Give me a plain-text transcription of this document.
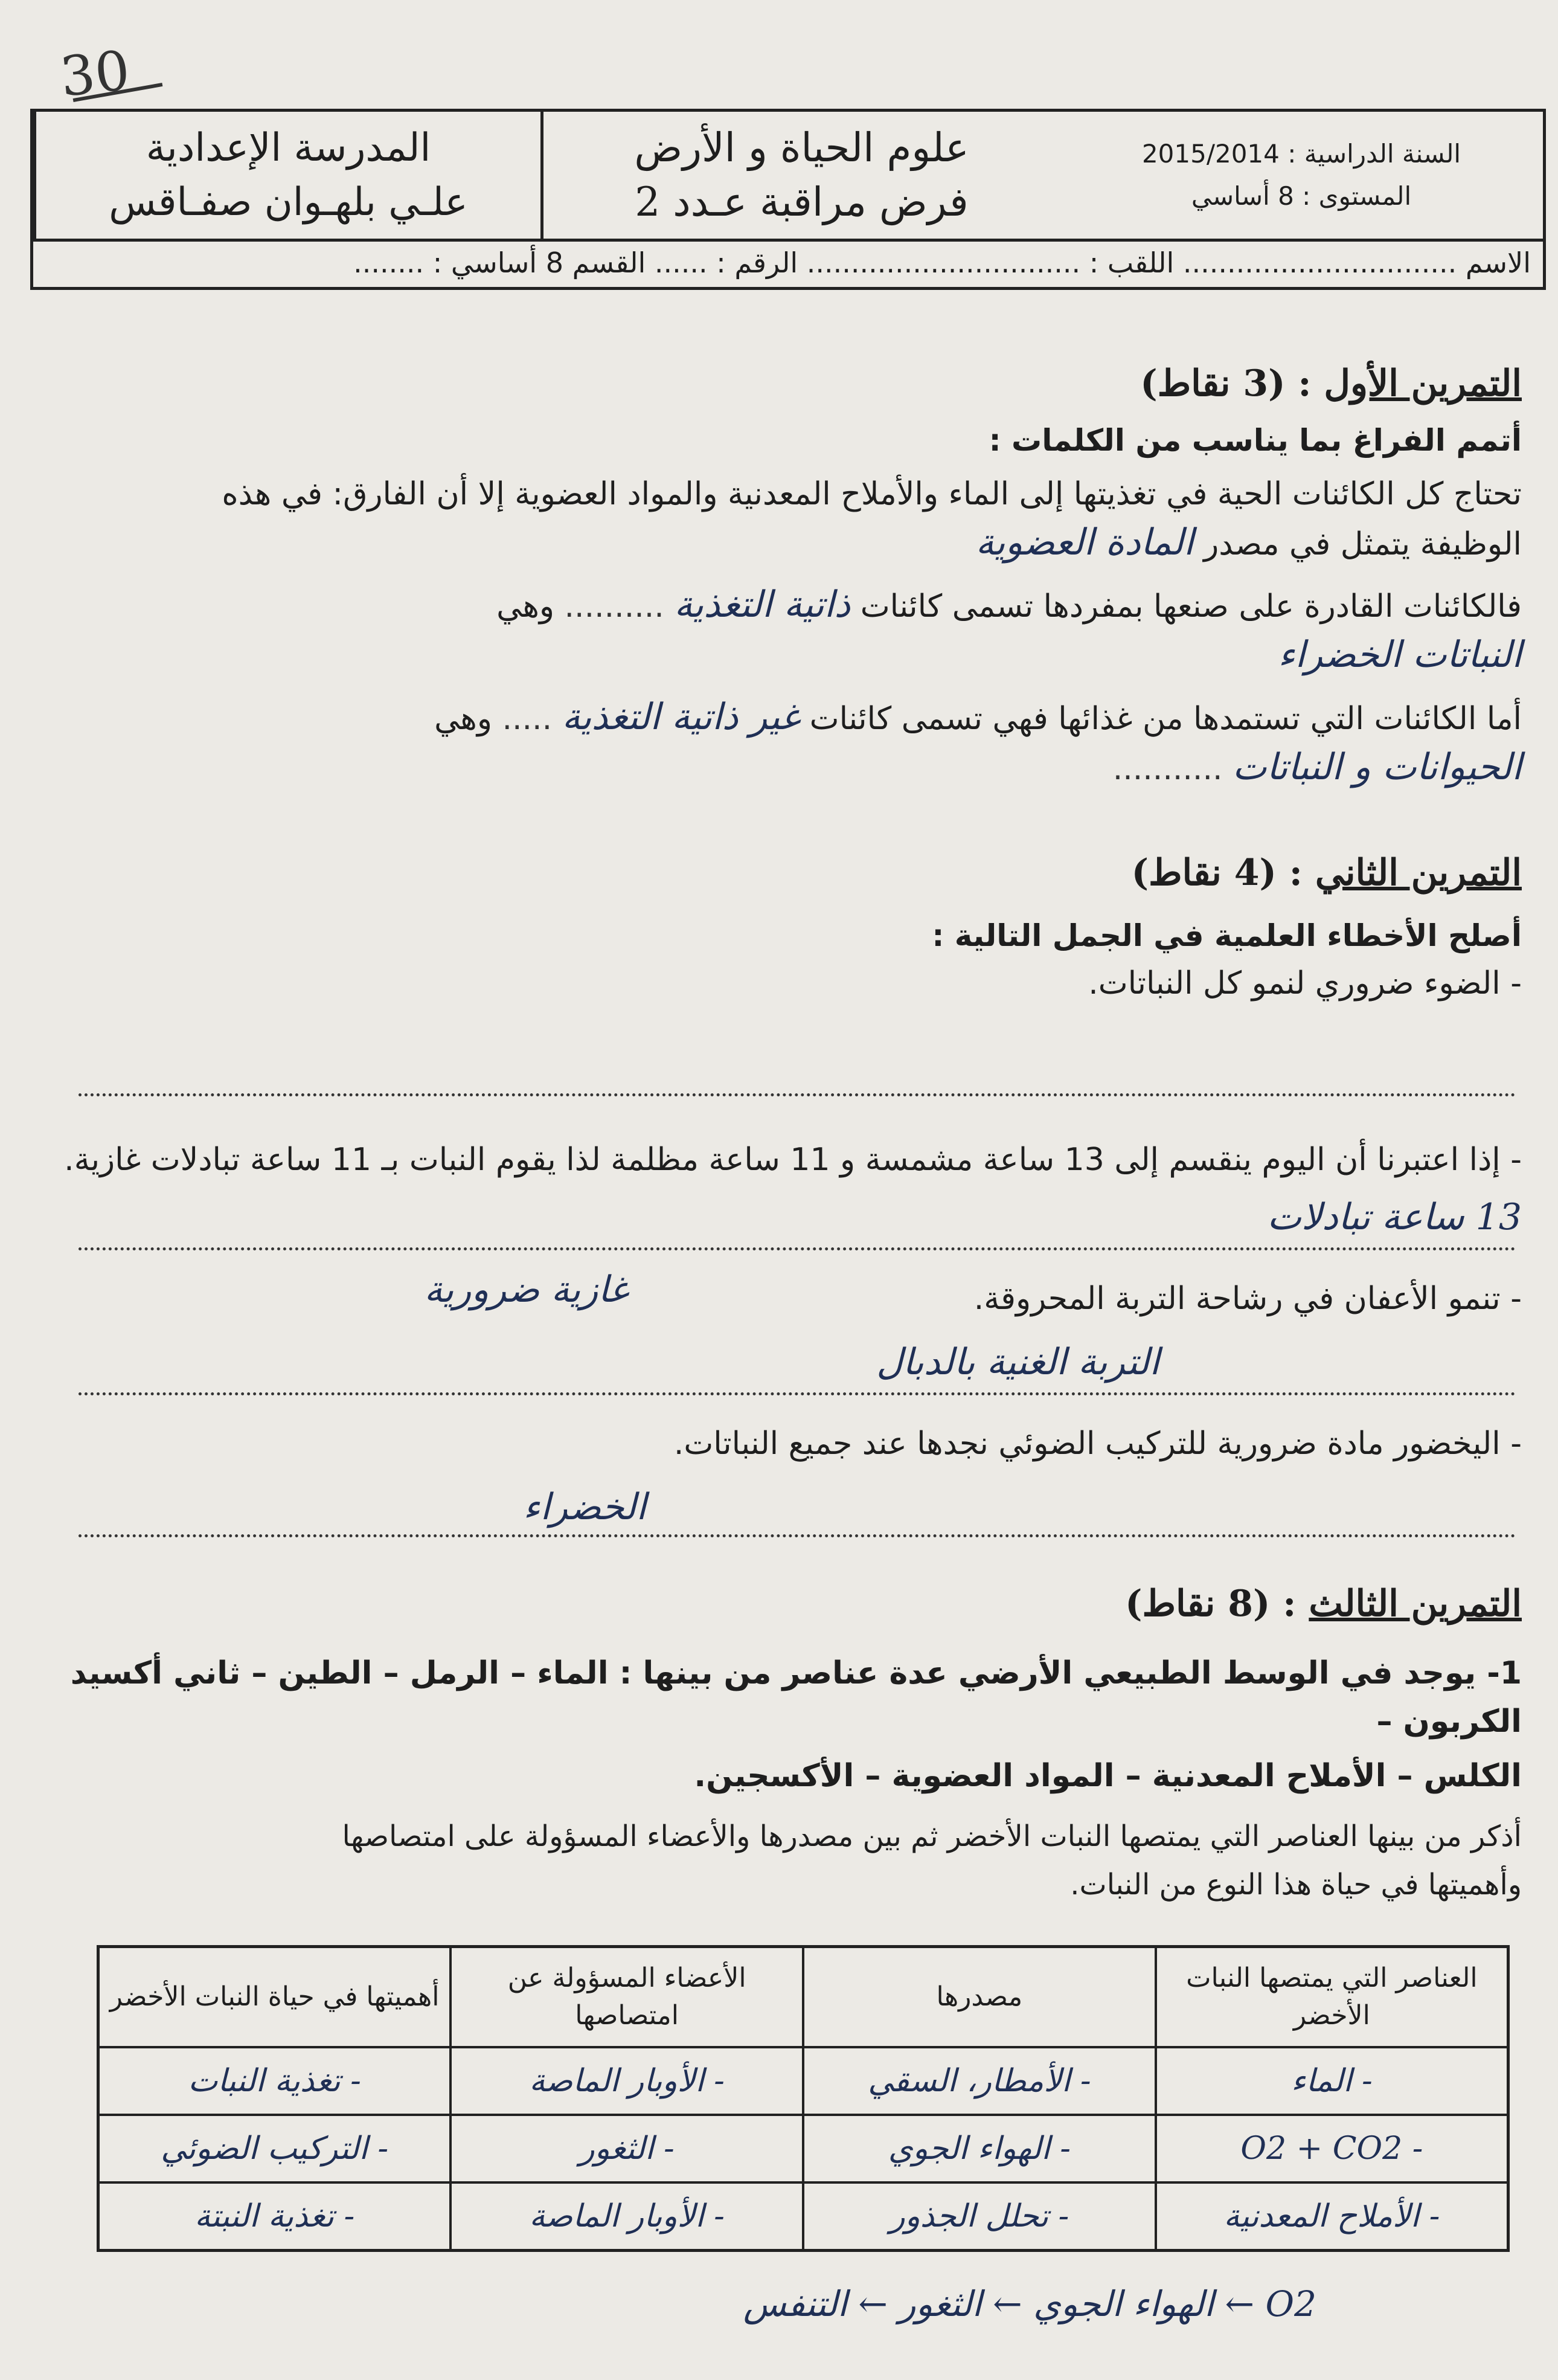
30
المدرسة الإعدادية
علـي بلهـوان صفـاقس
علوم الحياة و الأرض
فرض مراقبة عـدد 2
السنة الدراسية : 2015/2014
المستوى : 8 أساسي
الاسم ............................... اللقب : ............................... الرقم : ...... القسم 8 أساسي : ........
التمرين الأول : (3 نقاط)
أتمم الفراغ بما يناسب من الكلمات :
تحتاج كل الكائنات الحية في تغذيتها إلى الماء والأملاح المعدنية والمواد العضوية إلا أن الفارق: في هذه
الوظيفة يتمثل في مصدر المادة العضوية
فالكائنات القادرة على صنعها بمفردها تسمى كائنات ذاتية التغذية .......... وهي
النباتات الخضراء
أما الكائنات التي تستمدها من غذائها فهي تسمى كائنات غير ذاتية التغذية ..... وهي
الحيوانات و النباتات ...........
التمرين الثاني : (4 نقاط)
أصلح الأخطاء العلمية في الجمل التالية :
- الضوء ضروري لنمو كل النباتات.
- إذا اعتبرنا أن اليوم ينقسم إلى 13 ساعة مشمسة و 11 ساعة مظلمة لذا يقوم النبات بـ 11 ساعة تبادلات غازية.
13 ساعة تبادلات
غازية ضرورية	- تنمو الأعفان في رشاحة التربة المحروقة.
التربة الغنية بالدبال
- اليخضور مادة ضرورية للتركيب الضوئي نجدها عند جميع النباتات.
الخضراء
التمرين الثالث : (8 نقاط)
1- يوجد في الوسط الطبيعي الأرضي عدة عناصر من بينها : الماء – الرمل – الطين – ثاني أكسيد الكربون –
الكلس – الأملاح المعدنية – المواد العضوية – الأكسجين.
أذكر من بينها العناصر التي يمتصها النبات الأخضر ثم بين مصدرها والأعضاء المسؤولة على امتصاصها
وأهميتها في حياة هذا النوع من النبات.
العناصر التي يمتصها النبات الأخضر	مصدرها	الأعضاء المسؤولة عن امتصاصها	أهميتها في حياة النبات الأخضر
- الماء	- الأمطار، السقي	- الأوبار الماصة	- تغذية النبات
- O2 + CO2	- الهواء الجوي	- الثغور	- التركيب الضوئي
- الأملاح المعدنية	- تحلل الجذور	- الأوبار الماصة	- تغذية النبتة
O2 ← الهواء الجوي ← الثغور ← التنفس
